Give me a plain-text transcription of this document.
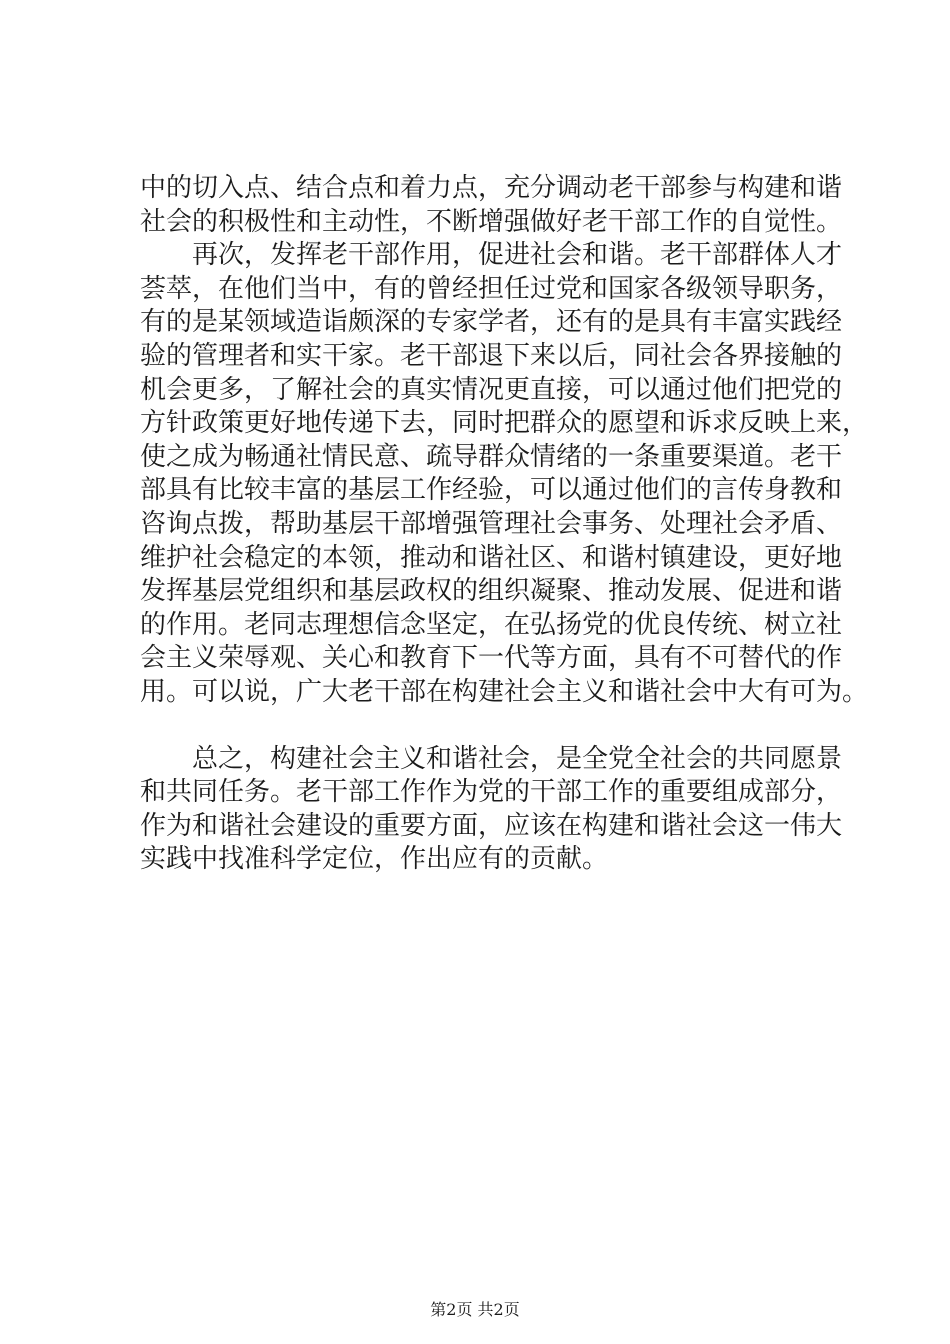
中的切入点、结合点和着力点，充分调动老干部参与构建和谐
社会的积极性和主动性，不断增强做好老干部工作的自觉性。
　　再次，发挥老干部作用，促进社会和谐。老干部群体人才
荟萃，在他们当中，有的曾经担任过党和国家各级领导职务，
有的是某领域造诣颇深的专家学者，还有的是具有丰富实践经
验的管理者和实干家。老干部退下来以后，同社会各界接触的
机会更多，了解社会的真实情况更直接，可以通过他们把党的
方针政策更好地传递下去，同时把群众的愿望和诉求反映上来，
使之成为畅通社情民意、疏导群众情绪的一条重要渠道。老干
部具有比较丰富的基层工作经验，可以通过他们的言传身教和
咨询点拨，帮助基层干部增强管理社会事务、处理社会矛盾、
维护社会稳定的本领，推动和谐社区、和谐村镇建设，更好地
发挥基层党组织和基层政权的组织凝聚、推动发展、促进和谐
的作用。老同志理想信念坚定，在弘扬党的优良传统、树立社
会主义荣辱观、关心和教育下一代等方面，具有不可替代的作
用。可以说，广大老干部在构建社会主义和谐社会中大有可为。
　　总之，构建社会主义和谐社会，是全党全社会的共同愿景
和共同任务。老干部工作作为党的干部工作的重要组成部分，
作为和谐社会建设的重要方面，应该在构建和谐社会这一伟大
实践中找准科学定位，作出应有的贡献。
第2页 共2页
